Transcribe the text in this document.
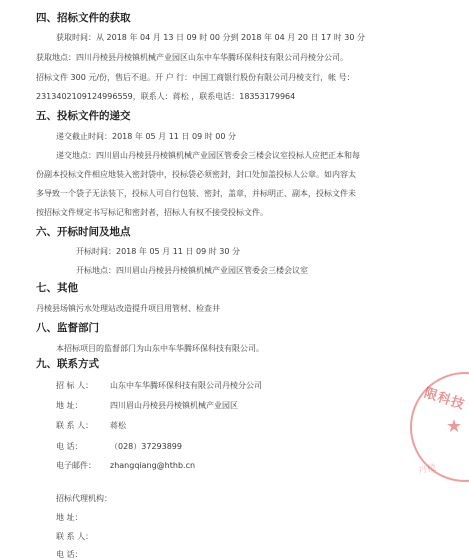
四、招标文件的获取
获取时间：从 2018 年 04 月 13 日 09 时 00 分到 2018 年 04 月 20 日 17 时 30 分
获取地点：四川丹棱县丹棱镇机械产业园区山东中车华腾环保科技有限公司丹棱分公司。
招标文件 300 元/份，售后不退。开 户 行：中国工商银行股份有限公司丹棱支行，帐 号：
2313402109124996559，联系人：蒋松 ，联系电话：18353179964
五、投标文件的递交
递交截止时间：2018 年 05 月 11 日 09 时 00 分
递交地点：四川眉山丹棱县丹棱镇机械产业园区管委会三楼会议室投标人应把正本和每
份副本投标文件相应地装入密封袋中，投标袋必须密封，封口处加盖投标人公章。如内容太
多导致一个袋子无法装下，投标人可自行包装、密封，盖章，并标明正、副本，投标文件未
按招标文件规定书写标记和密封者，招标人有权不接受投标文件。
六、开标时间及地点
开标时间：2018 年 05 月 11 日 09 时 30 分
开标地点：四川眉山丹棱县丹棱镇机械产业园区管委会三楼会议室
七、其他
丹棱县场镇污水处理站改造提升项目用管材、检查井
八、监督部门
本招标项目的监督部门为山东中车华腾环保科技有限公司。
九、联系方式
招 标 人： 山东中车华腾环保科技有限公司丹棱分公司
地 址：	四川眉山丹棱县丹棱镇机械产业园区
联 系 人： 蒋松
电 话：	（028）37293899
电子邮件： zhangqiang@hthb.cn
招标代理机构：
地 址：
联 系 人：
电 话：
限科技
★
丹棱
